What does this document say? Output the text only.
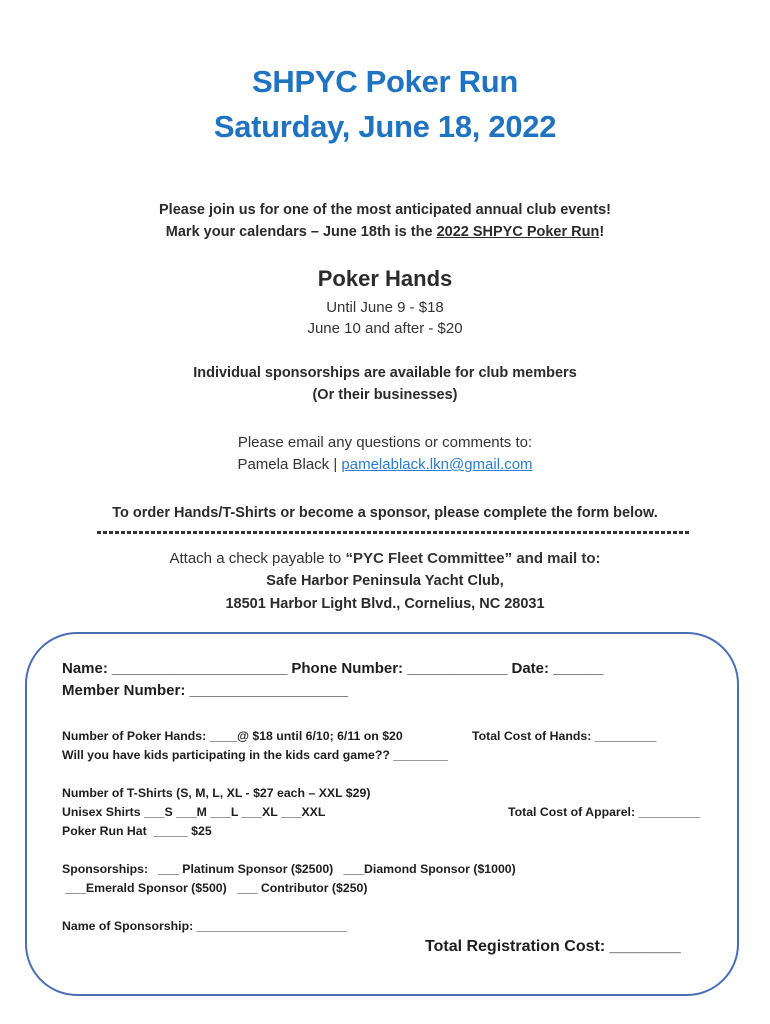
SHPYC Poker Run
Saturday, June 18, 2022
Please join us for one of the most anticipated annual club events!
Mark your calendars – June 18th is the 2022 SHPYC Poker Run!
Poker Hands
Until June 9 - $18
June 10 and after - $20
Individual sponsorships are available for club members
(Or their businesses)
Please email any questions or comments to:
Pamela Black | pamelablack.lkn@gmail.com
To order Hands/T-Shirts or become a sponsor, please complete the form below.
Attach a check payable to “PYC Fleet Committee” and mail to:
Safe Harbor Peninsula Yacht Club,
18501 Harbor Light Blvd., Cornelius, NC 28031
Name: _____________________ Phone Number: ____________ Date: ______
Member Number: ___________________
Number of Poker Hands: ____@ $18 until 6/10; 6/11 on $20	Total Cost of Hands: _________
Will you have kids participating in the kids card game?? ________
Number of T-Shirts (S, M, L, XL - $27 each – XXL $29)
Unisex Shirts ___S ___M ___L ___XL ___XXL	Total Cost of Apparel: _________
Poker Run Hat  _____ $25
Sponsorships:   ___ Platinum Sponsor ($2500)   ___Diamond Sponsor ($1000)
___Emerald Sponsor ($500)   ___ Contributor ($250)
Name of Sponsorship: ______________________
Total Registration Cost: ________
